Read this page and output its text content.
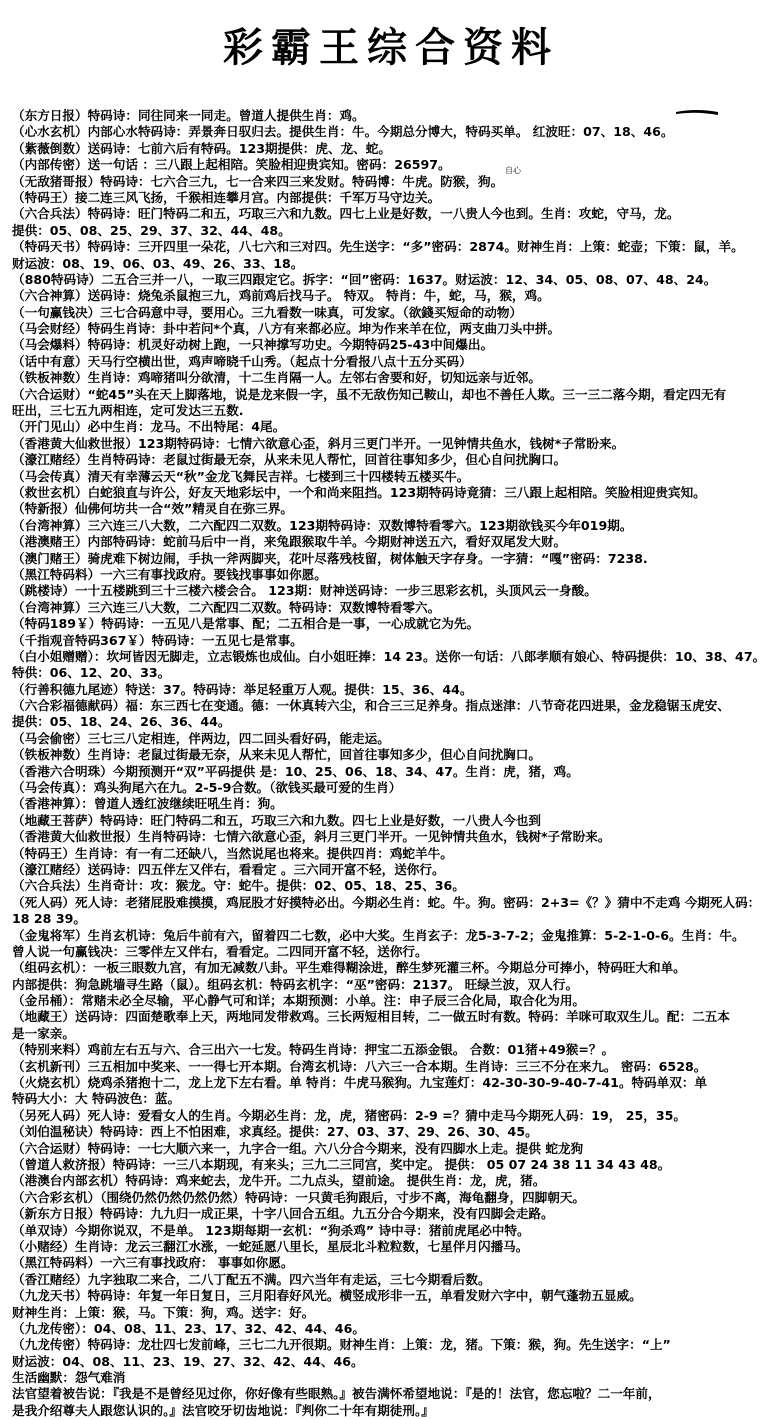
彩霸王综合资料
自心
（东方日报）特码诗：同往同来一同走。曾道人提供生肖：鸡。
（心水玄机）内部心水特码诗：弄景奔日驭归去。提供生肖：牛。今期总分博大，特码买单。 红波旺：07、18、46。
（紫薇倒数）送码诗：七前六后有特码。123期提供：虎、龙、蛇。
（内部传密）送一句话 ：三八跟上起相陪。笑脸相迎贵宾知。密码：26597。
（无敌猪哥报）特码诗：七六合三九，七一合来四三来发财。特码博：牛虎。防猴，狗。
（特码王）接二连三风飞扬，千猴相连攀月宫。内部提供：千军万马守边关。
（六合兵法）特码诗：旺门特码二和五，巧取三六和九数。四七上业是好数，一八贵人今也到。生肖：攻蛇，守马，龙。
提供：05、08、25、29、37、32、44、48。
（特码天书）特码诗：三开四里一朵花，八七六和三对四。先生送字：“多”密码：2874。财神生肖：上策：蛇壶；下策：鼠，羊。
财运波：08、19、06、03、49、26、33、18。
（880特码诗）二五合三并一八，一取三四跟定它。拆字：“回”密码：1637。财运波：12、34、05、08、07、48、24。
（六合神算）送码诗：烧兔杀鼠抱三九，鸡前鸡后找马子。 特双。 特肖：牛，蛇，马，猴，鸡。
（一句赢钱决）三七合码意中寻，要用心。三九看数一味真，可发家。（欲錢买短命的动物）
（马会财经）特码生肖诗：卦中若问*个真，八方有来都必应。坤为作来羊在位，两支曲刀头中拼。
（马会爆料）特码诗：机灵好动树上跑，一只神撑写功史。今期特码25-43中间爆出。
（话中有意）天马行空横出世，鸡声啼晓千山秀。（起点十分看报八点十五分买码）
（铁板神数）生肖诗：鸡啼猪叫分欲清，十二生肖隔一人。左邻右舍要和好，切知远亲与近邻。
（六合运财）“蛇45”头在天上脚落地，说是龙来假一字，虽不无敌伤知己鞍山，却也不善任人欺。三一三二落今期，看定四无有
旺出，三七五九两相连，定可发达三五数.
（开门见山）必中生肖：龙马。不出特尾：4尾。
（香港黄大仙救世报）123期特码诗：七情六欲意心歪，斜月三更门半开。一见钟情共鱼水，钱树*子常盼来。
（濠江赌经）生肖特码诗：老鼠过街最无奈，从来未见人帮忙，回首往事知多少，但心自问扰胸口。
（马会传真）清天有幸薄云天“秋”金龙飞舞民吉祥。七楼到三十四楼转五楼买牛。
（救世玄机）白蛇狼直与许公，好友天地彩坛中，一个和尚来阻挡。123期特码诗竟猜：三八跟上起相陪。笑脸相迎贵宾知。
（特新报）仙佛何坊共一合“效”精灵自在弥三界。
（台湾神算）三六连三八大数，二六配四二双数。123期特码诗：双数博特看零六。123期欲钱买今年019期。
（港澳赌王）内部特码诗：蛇前马后中一肖，来兔跟猴取牛羊。今期财神送五六，看好双尾发大财。
（澳门赌王）骑虎难下树边闹，手执一斧两脚夹，花叶尽落残枝留，树体触天字存身。一字猜：“嘎”密码：7238.
（黑江特码料）一六三有事找政府。要钱找事事如你愿。
（跳楼诗）一十五楼跳到三十三楼六楼会合。 123期：财神送码诗：一步三思彩玄机，头顶风云一身酸。
（台湾神算）三六连三八大数，二六配四二双数。特码诗：双数博特看零六。
（特码189￥）特码诗：一五见八是常事、配；二五相合是一事，一心成就它为先。
（千指观音特码367￥）特码诗：一五见七是常事。
（白小姐赠赠）：坎坷皆因无脚走，立志锻炼也成仙。白小姐旺捧：14 23。送你一句话：八郎孝顺有娘心、特码提供：10、38、47。
特供：06、12、20、33。
（行善积德九尾迹）特送：37。特码诗：举足轻重万人观。提供：15、36、44。
（六合彩福德献码）福：东三西七在变通。德：一休真转六尘，和合三三足养身。指点迷津：八节奇花四进果，金龙稳锯玉虎安、
提供：05、18、24、26、36、44。
（马会偷密）三七三八定相连，伴两边，四二回头看好码，能走运。
（铁板神数）生肖诗：老鼠过街最无奈，从来未见人帮忙，回首往事知多少，但心自问扰胸口。
（香港六合明珠）今期预测开“双”平码提供 是：10、25、06、18、34、47。生肖：虎，猪，鸡。
（马会传真）：鸡头狗尾六在九。2-5-9合数。（欲钱买最可爱的生肖）
（香港神算）：曾道人透红波继续旺吼生肖：狗。
（地藏王菩萨）特码诗：旺门特码二和五，巧取三六和九数。四七上业是好数，一八贵人今也到
（香港黄大仙救世报）生肖特码诗：七情六欲意心歪，斜月三更门半开。一见钟情共鱼水，钱树*子常盼来。
（特码王）生肖诗：有一有二还缺八，当然说尾也将来。提供四肖：鸡蛇羊牛。
（濠江赌经）送码诗：四五伴左又伴右，看看定 。三六同开富不轻，送你行。
（六合兵法）生肖奇计：攻：猴龙。守：蛇牛。提供：02、05、18、25、36。
（死人码）死人诗：老猪屁股难摸摸，鸡屁股才好摸特必出。今期必生肖：蛇。牛。狗。密码：2+3=《？》猜中不走鸡 今期死人码：
18 28 39。
（金鬼将军）生肖玄机诗：兔后牛前有六，留着四二七数，必中大奖。生肖玄子：龙5-3-7-2；金鬼推算：5-2-1-0-6。生肖：牛。
曾人说一句赢钱决：三零伴左又伴右，看看定。二四同开富不轻，送你行。
（组码玄机）：一板三眼数九宫，有加无减数八卦。平生难得糊涂进，醉生梦死灌三杯。今期总分可捧小，特码旺大和单。
内部提供：狗急跳墙寻生路（鼠）。组码玄机：特码玄机字：“巫”密码：2137。 旺绿兰波，双人行。
（金吊桶）：常赌未必全尽输，平心静气可和详；本期预测：小单。注：申子辰三合化局，取合化为用。
（地藏王）送码诗：四面楚歌奉上天，两地同发带救鸡。三长两短相目转，二一做五时有数。特码：羊咪可取双生儿。配：二五本
是一家亲。
（特别来料）鸡前左右五与六、合三出六一七发。特码生肖诗：押宝二五添金银。 合数：01猪+49猴=？。
（玄机新刊）三五相加中奖来、一一得七开本期。台湾玄机诗：八六三一合本期。生肖诗：三三不分在来九。 密码：6528。
（火烧玄机）烧鸡杀猪抱十二，龙上龙下左右看。单 特肖：牛虎马猴狗。九宝莲灯：42-30-30-9-40-7-41。特码单双：单
特码大小：大 特码波色：蓝。
（另死人码）死人诗：爱看女人的生肖。今期必生肖：龙，虎，猪密码：2-9 =？猜中走马今期死人码：19， 25，35。
（刘伯温秘诀）特码诗：西上不怕困难，求真经。提供：27、03、37、29、26、30、45。
（六合运财）特码诗：一七大顺六来一，九字合一组。六八分合今期来，没有四脚水上走。提供 蛇龙狗
（曾道人救济报）特码诗：一三八本期现，有来头；三九二三同宫，奖中定。 提供： 05 07 24 38 11 34 43 48。
（港澳台内部玄机）特码诗：鸡来蛇去，龙牛开。二九点头，望前途。 提供生肖：龙，虎，猪。
（六合彩玄机）（围绕仍然仍然仍然仍然）特码诗：一只黄毛狗跟后，寸步不离，海龟翻身，四脚朝天。
（新东方日报）特码诗：九九归一成正果，十字八回合五组。九五分合今期来，没有四脚会走路。
（单双诗）今期你说双，不是单。 123期每期一玄机：“狗杀鸡” 诗中寻：猪前虎尾必中特。
（小赌经）生肖诗：龙云三翻江水涨，一蛇延愿八里长，星辰北斗粒粒数，七星伴月闪播马。
（黑江特码料）一六三有事找政府： 事事如你愿。
（香江赌经）九字独取二来合，二八丁配五不满。四六当年有走运，三七今期看后数。
（九龙天书）特码诗：年复一年日复日，三月阳春好风光。横竖成形非一五，单看发财六字中，朝气蓬勃五显威。
财神生肖：上策：猴，马。下策：狗，鸡。送字：好。
（九龙传密）：04、08、11、23、17、32、42、44、46。
（九龙传密）特码诗：龙壮四七发前峰，三七二九开很期。财神生肖：上策：龙，猪。下策：猴，狗。先生送字：“上”
财运波：04、08、11、23、19、27、32、42、44、46。
生活幽默：怨气难消
法官望着被告说：『我是不是曾经见过你，你好像有些眼熟。』被告满怀希望地说：『是的！法官，您忘啦？二一年前，
是我介绍尊夫人跟您认识的。』法官咬牙切齿地说：『判你二十年有期徒刑。』
